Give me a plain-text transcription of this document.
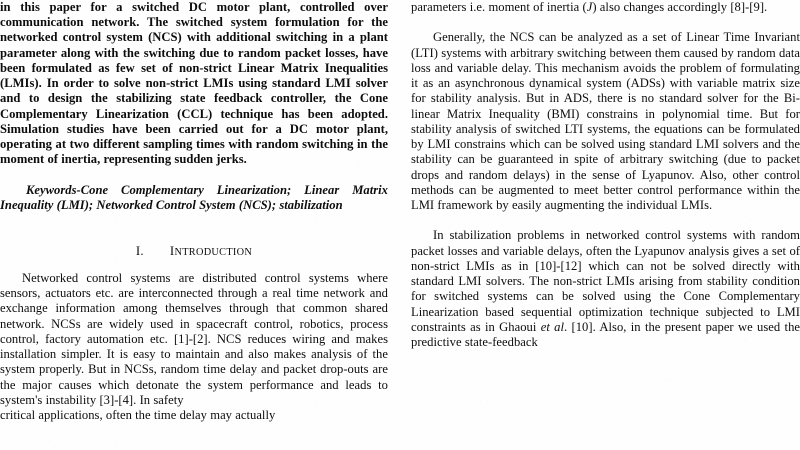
in this paper for a switched DC motor plant, controlled over communication network. The switched system formulation for the networked control system (NCS) with additional switching in a plant parameter along with the switching due to random packet losses, have been formulated as few set of non-strict Linear Matrix Inequalities (LMIs). In order to solve non-strict LMIs using standard LMI solver and to design the stabilizing state feedback controller, the Cone Complementary Linearization (CCL) technique has been adopted. Simulation studies have been carried out for a DC motor plant, operating at two different sampling times with random switching in the moment of inertia, representing sudden jerks.

Keywords-Cone Complementary Linearization; Linear Matrix Inequality (LMI); Networked Control System (NCS); stabilization

I. INTRODUCTION

Networked control systems are distributed control systems where sensors, actuators etc. are interconnected through a real time network and exchange information among themselves through that common shared network. NCSs are widely used in spacecraft control, robotics, process control, factory automation etc. [1]-[2]. NCS reduces wiring and makes installation simpler. It is easy to maintain and also makes analysis of the system properly. But in NCSs, random time delay and packet drop-outs are the major causes which detonate the system performance and leads to system's instability [3]-[4]. In safety

critical applications, often the time delay may actually

parameters i.e. moment of inertia (J) also changes accordingly [8]-[9].

Generally, the NCS can be analyzed as a set of Linear Time Invariant (LTI) systems with arbitrary switching between them caused by random data loss and variable delay. This mechanism avoids the problem of formulating it as an asynchronous dynamical system (ADSs) with variable matrix size for stability analysis. But in ADS, there is no standard solver for the Bi-linear Matrix Inequality (BMI) constrains in polynomial time. But for stability analysis of switched LTI systems, the equations can be formulated by LMI constrains which can be solved using standard LMI solvers and the stability can be guaranteed in spite of arbitrary switching (due to packet drops and random delays) in the sense of Lyapunov. Also, other control methods can be augmented to meet better control performance within the LMI framework by easily augmenting the individual LMIs.

In stabilization problems in networked control systems with random packet losses and variable delays, often the Lyapunov analysis gives a set of non-strict LMIs as in [10]-[12] which can not be solved directly with standard LMI solvers. The non-strict LMIs arising from stability condition for switched systems can be solved using the Cone Complementary Linearization based sequential optimization technique subjected to LMI constraints as in Ghaoui et al. [10]. Also, in the present paper we used the predictive state-feedback
